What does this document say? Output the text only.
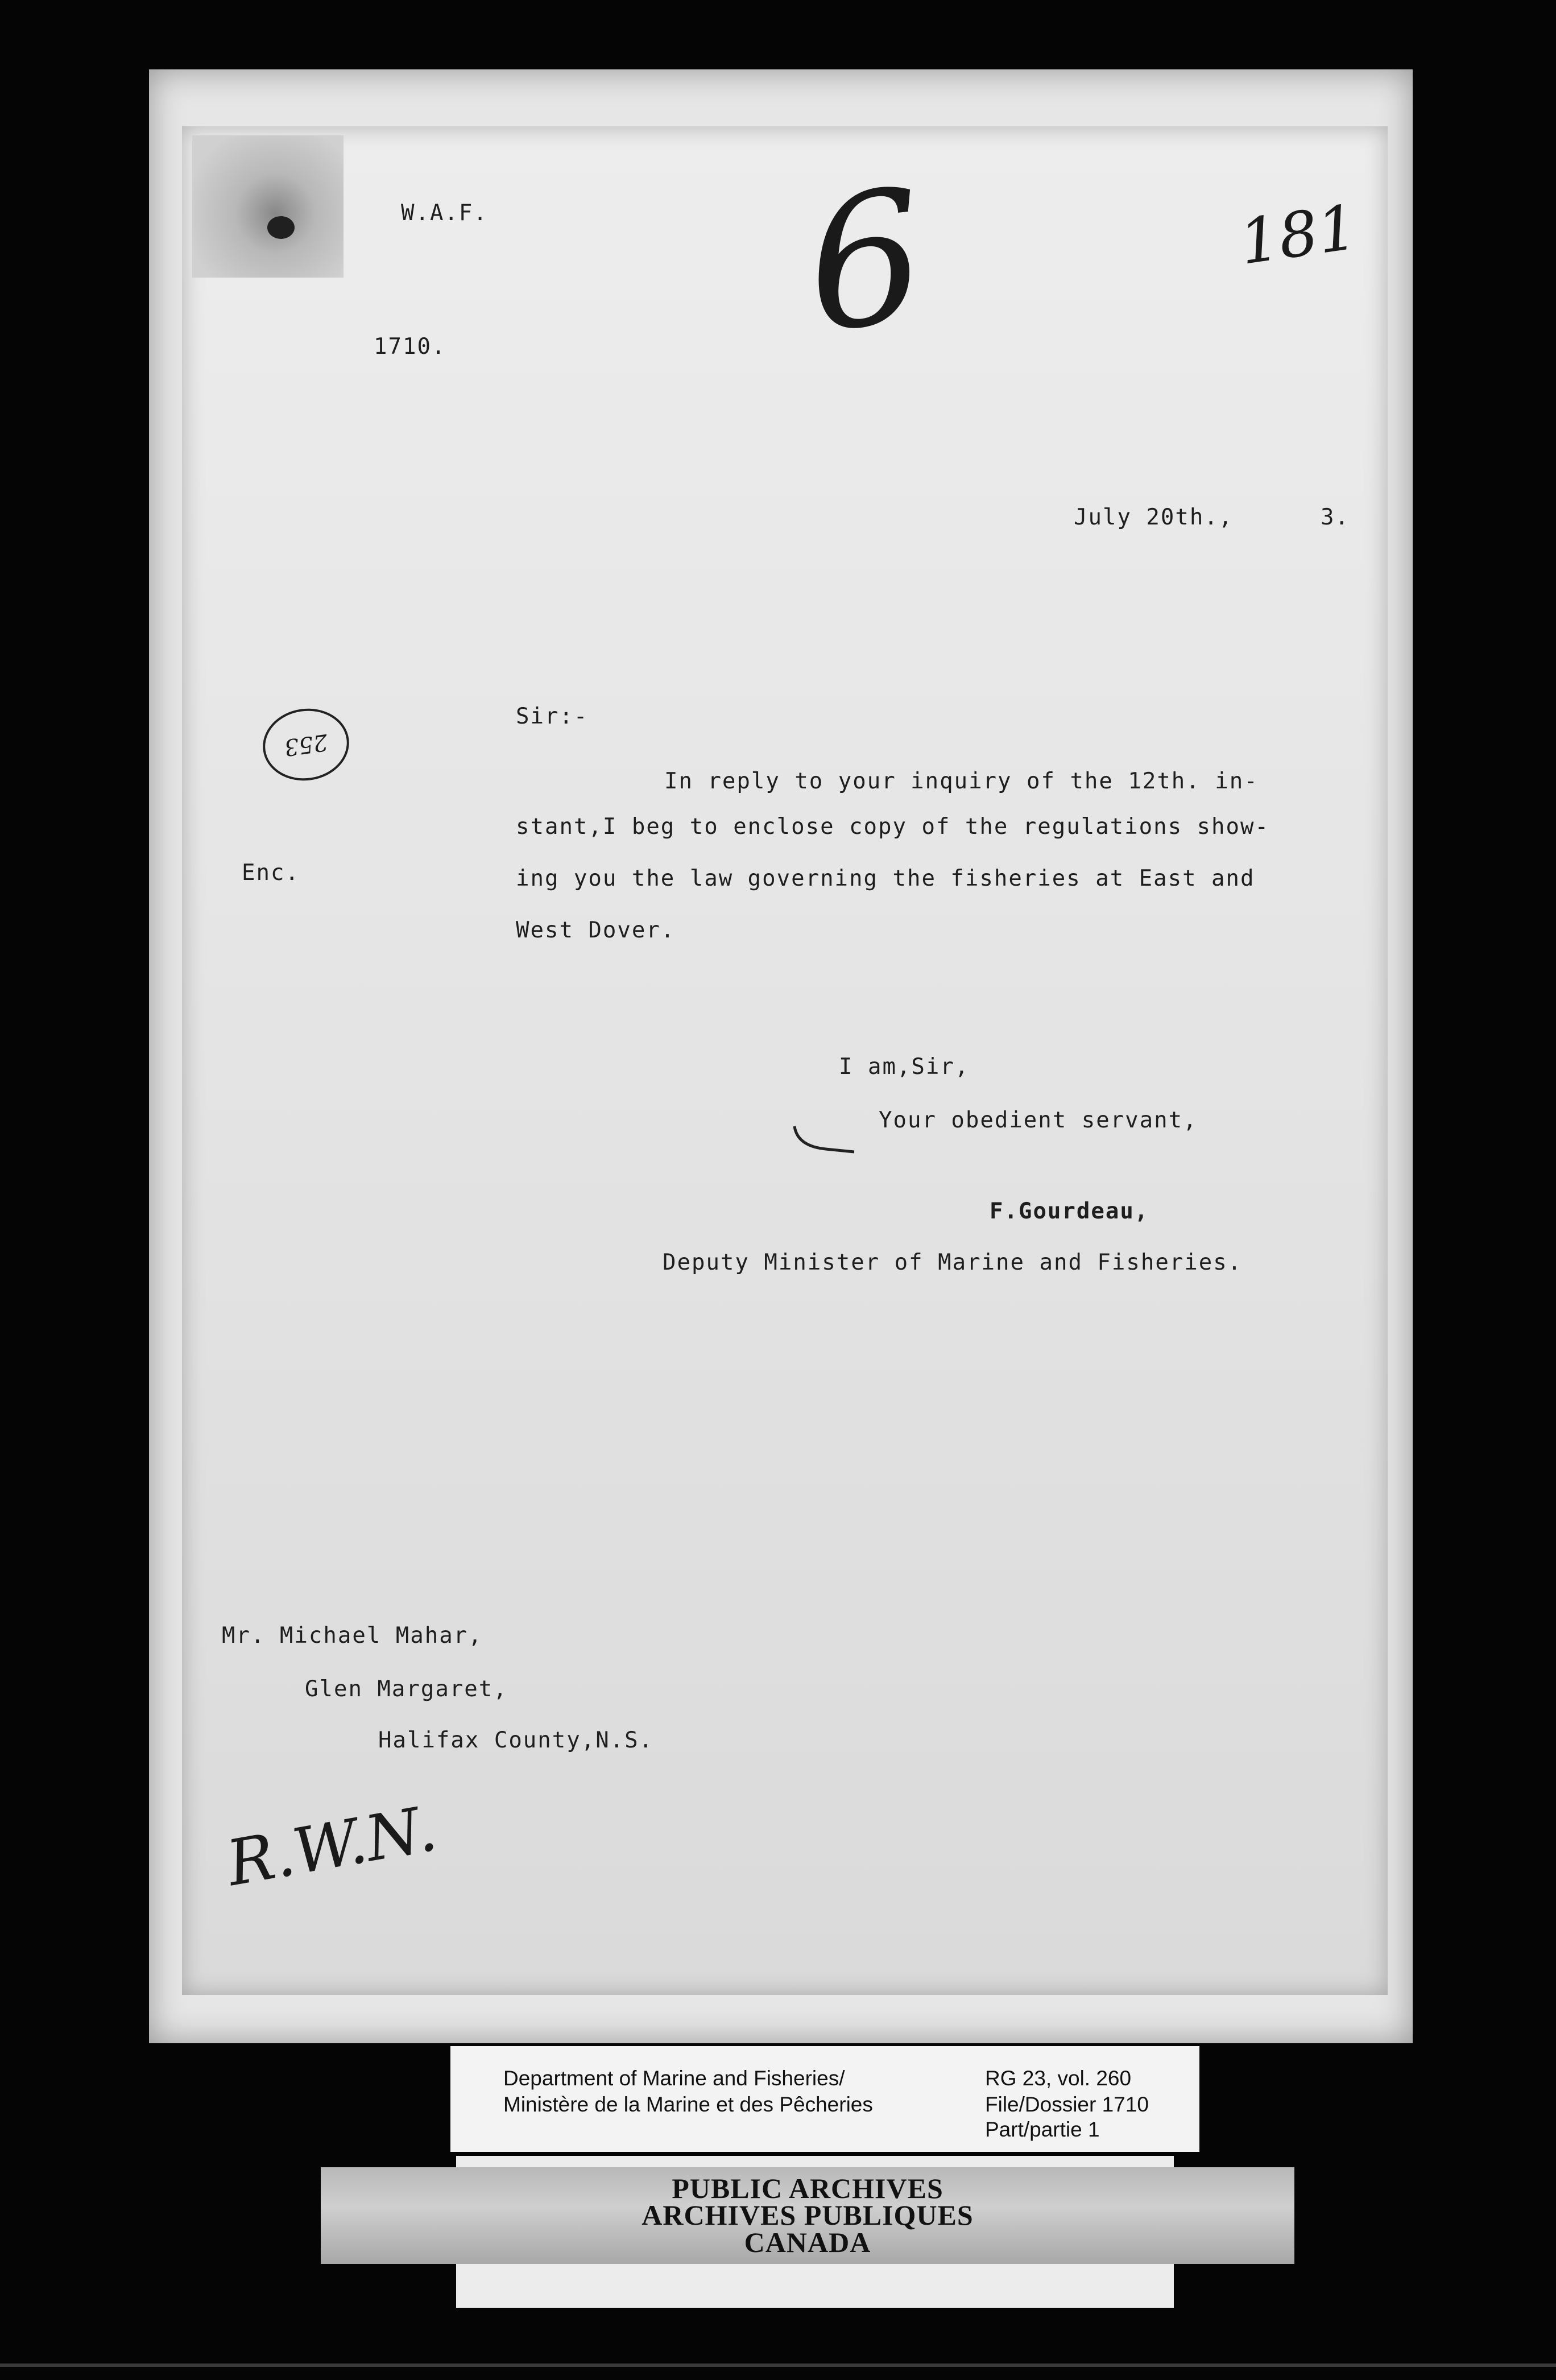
W.A.F.
1710. 6	181
July 20th.,	3.
253
Sir:-
In reply to your inquiry of the 12th. in-
stant,I beg to enclose copy of the regulations show-
ing you the law governing the fisheries at East and
West Dover.
Enc.
I am,Sir,
Your obedient servant,
F.Gourdeau,
Deputy Minister of Marine and Fisheries.
Mr. Michael Mahar,
Glen Margaret,
Halifax County,N.S.
R.W.N.
Department of Marine and Fisheries/
Ministère de la Marine et des Pêcheries
RG 23, vol. 260
File/Dossier 1710
Part/partie 1
PUBLIC ARCHIVES
ARCHIVES PUBLIQUES
CANADA
